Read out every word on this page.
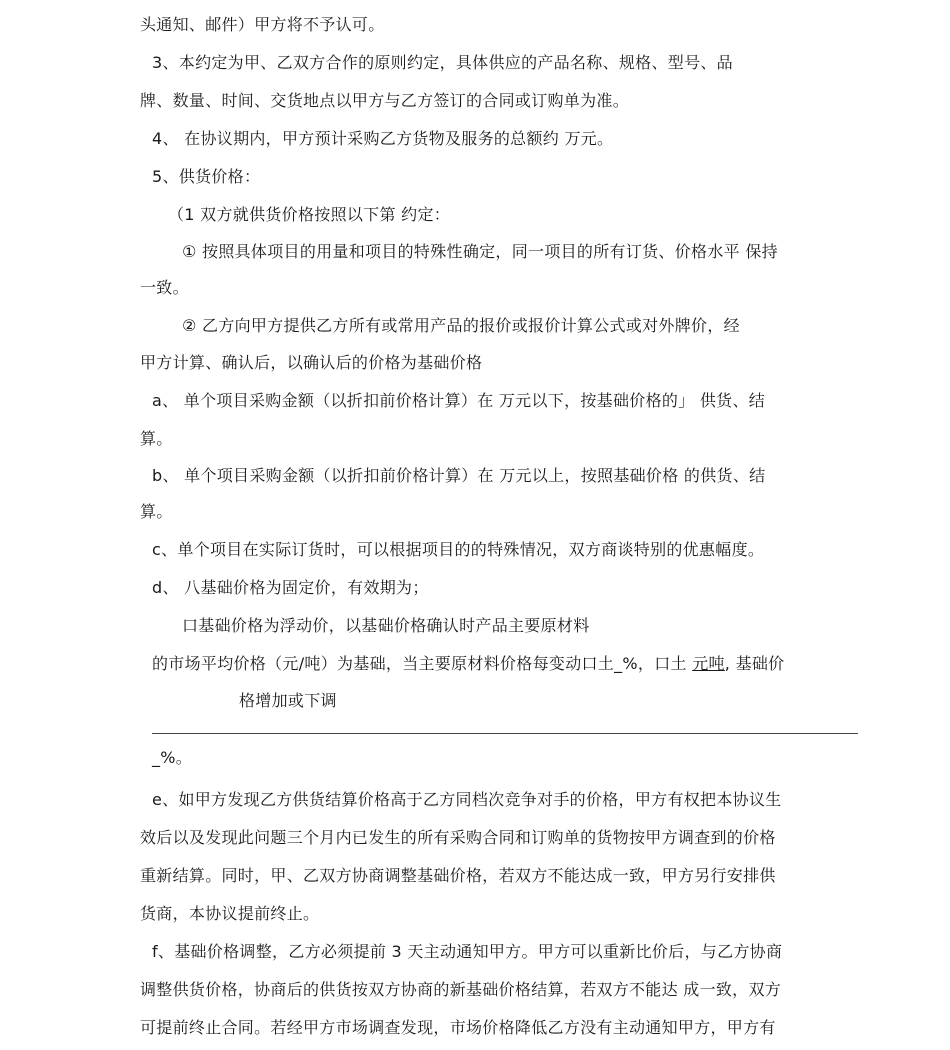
头通知、邮件）甲方将不予认可。
3、本约定为甲、乙双方合作的原则约定，具体供应的产品名称、规格、型号、品
牌、数量、时间、交货地点以甲方与乙方签订的合同或订购单为准。
4、 在协议期内，甲方预计采购乙方货物及服务的总额约 万元。
5、供货价格：
（1 双方就供货价格按照以下第 约定：
① 按照具体项目的用量和项目的特殊性确定，同一项目的所有订货、价格水平 保持
一致。
② 乙方向甲方提供乙方所有或常用产品的报价或报价计算公式或对外牌价，经
甲方计算、确认后，以确认后的价格为基础价格
a、 单个项目采购金额（以折扣前价格计算）在 万元以下，按基础价格的」 供货、结
算。
b、 单个项目采购金额（以折扣前价格计算）在 万元以上，按照基础价格 的供货、结
算。
c、单个项目在实际订货时，可以根据项目的的特殊情况，双方商谈特别的优惠幅度。
d、 八基础价格为固定价，有效期为；
口基础价格为浮动价，以基础价格确认时产品主要原材料
的市场平均价格（元/吨）为基础，当主要原材料价格每变动口土_%，口土 元吨, 基础价
格增加或下调
_%。
e、如甲方发现乙方供货结算价格高于乙方同档次竞争对手的价格，甲方有权把本协议生
效后以及发现此问题三个月内已发生的所有采购合同和订购单的货物按甲方调查到的价格
重新结算。同时，甲、乙双方协商调整基础价格，若双方不能达成一致，甲方另行安排供
货商，本协议提前终止。
f、基础价格调整，乙方必须提前 3 天主动通知甲方。甲方可以重新比价后，与乙方协商
调整供货价格，协商后的供货按双方协商的新基础价格结算，若双方不能达 成一致，双方
可提前终止合同。若经甲方市场调查发现，市场价格降低乙方没有主动通知甲方，甲方有
